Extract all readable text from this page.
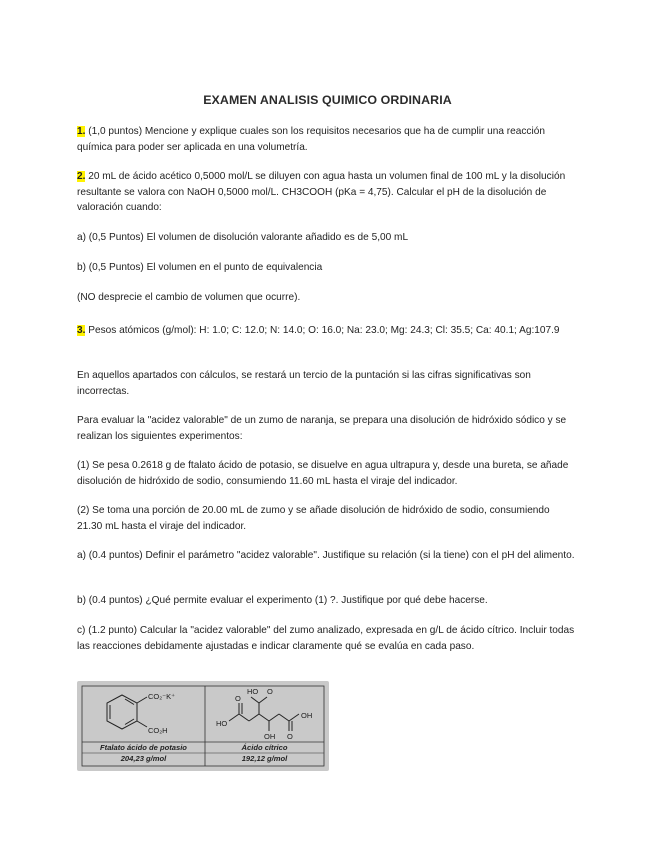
EXAMEN ANALISIS QUIMICO ORDINARIA
1. (1,0 puntos) Mencione y explique cuales son los requisitos necesarios que ha de cumplir una reacción química para poder ser aplicada en una volumetría.
2. 20 mL de ácido acético 0,5000 mol/L se diluyen con agua hasta un volumen final de 100 mL y la disolución resultante se valora con NaOH 0,5000 mol/L. CH3COOH (pKa = 4,75). Calcular el pH de la disolución de valoración cuando:
a) (0,5 Puntos) El volumen de disolución valorante añadido es de 5,00 mL
b) (0,5 Puntos) El volumen en el punto de equivalencia
(NO desprecie el cambio de volumen que ocurre).
3. Pesos atómicos (g/mol): H: 1.0; C: 12.0; N: 14.0; O: 16.0; Na: 23.0; Mg: 24.3; Cl: 35.5; Ca: 40.1; Ag:107.9
En aquellos apartados con cálculos, se restará un tercio de la puntación si las cifras significativas son incorrectas.
Para evaluar la "acidez valorable" de un zumo de naranja, se prepara una disolución de hidróxido sódico y se realizan los siguientes experimentos:
(1) Se pesa 0.2618 g de ftalato ácido de potasio, se disuelve en agua ultrapura y, desde una bureta, se añade disolución de hidróxido de sodio, consumiendo 11.60 mL hasta el viraje del indicador.
(2) Se toma una porción de 20.00 mL de zumo y se añade disolución de hidróxido de sodio, consumiendo 21.30 mL hasta el viraje del indicador.
a) (0.4 puntos) Definir el parámetro "acidez valorable". Justifique su relación (si la tiene) con el pH del alimento.
b) (0.4 puntos) ¿Qué permite evaluar el experimento (1) ?. Justifique por qué debe hacerse.
c) (1.2 punto) Calcular la "acidez valorable" del zumo analizado, expresada en g/L de ácido cítrico. Incluir todas las reacciones debidamente ajustadas e indicar claramente qué se evalúa en cada paso.
CO₂⁻K⁺
CO₂H
HO O
O
HO
OH
O
OH
Ftalato ácido de potasio
204,23 g/mol
Ácido cítrico
192,12 g/mol
